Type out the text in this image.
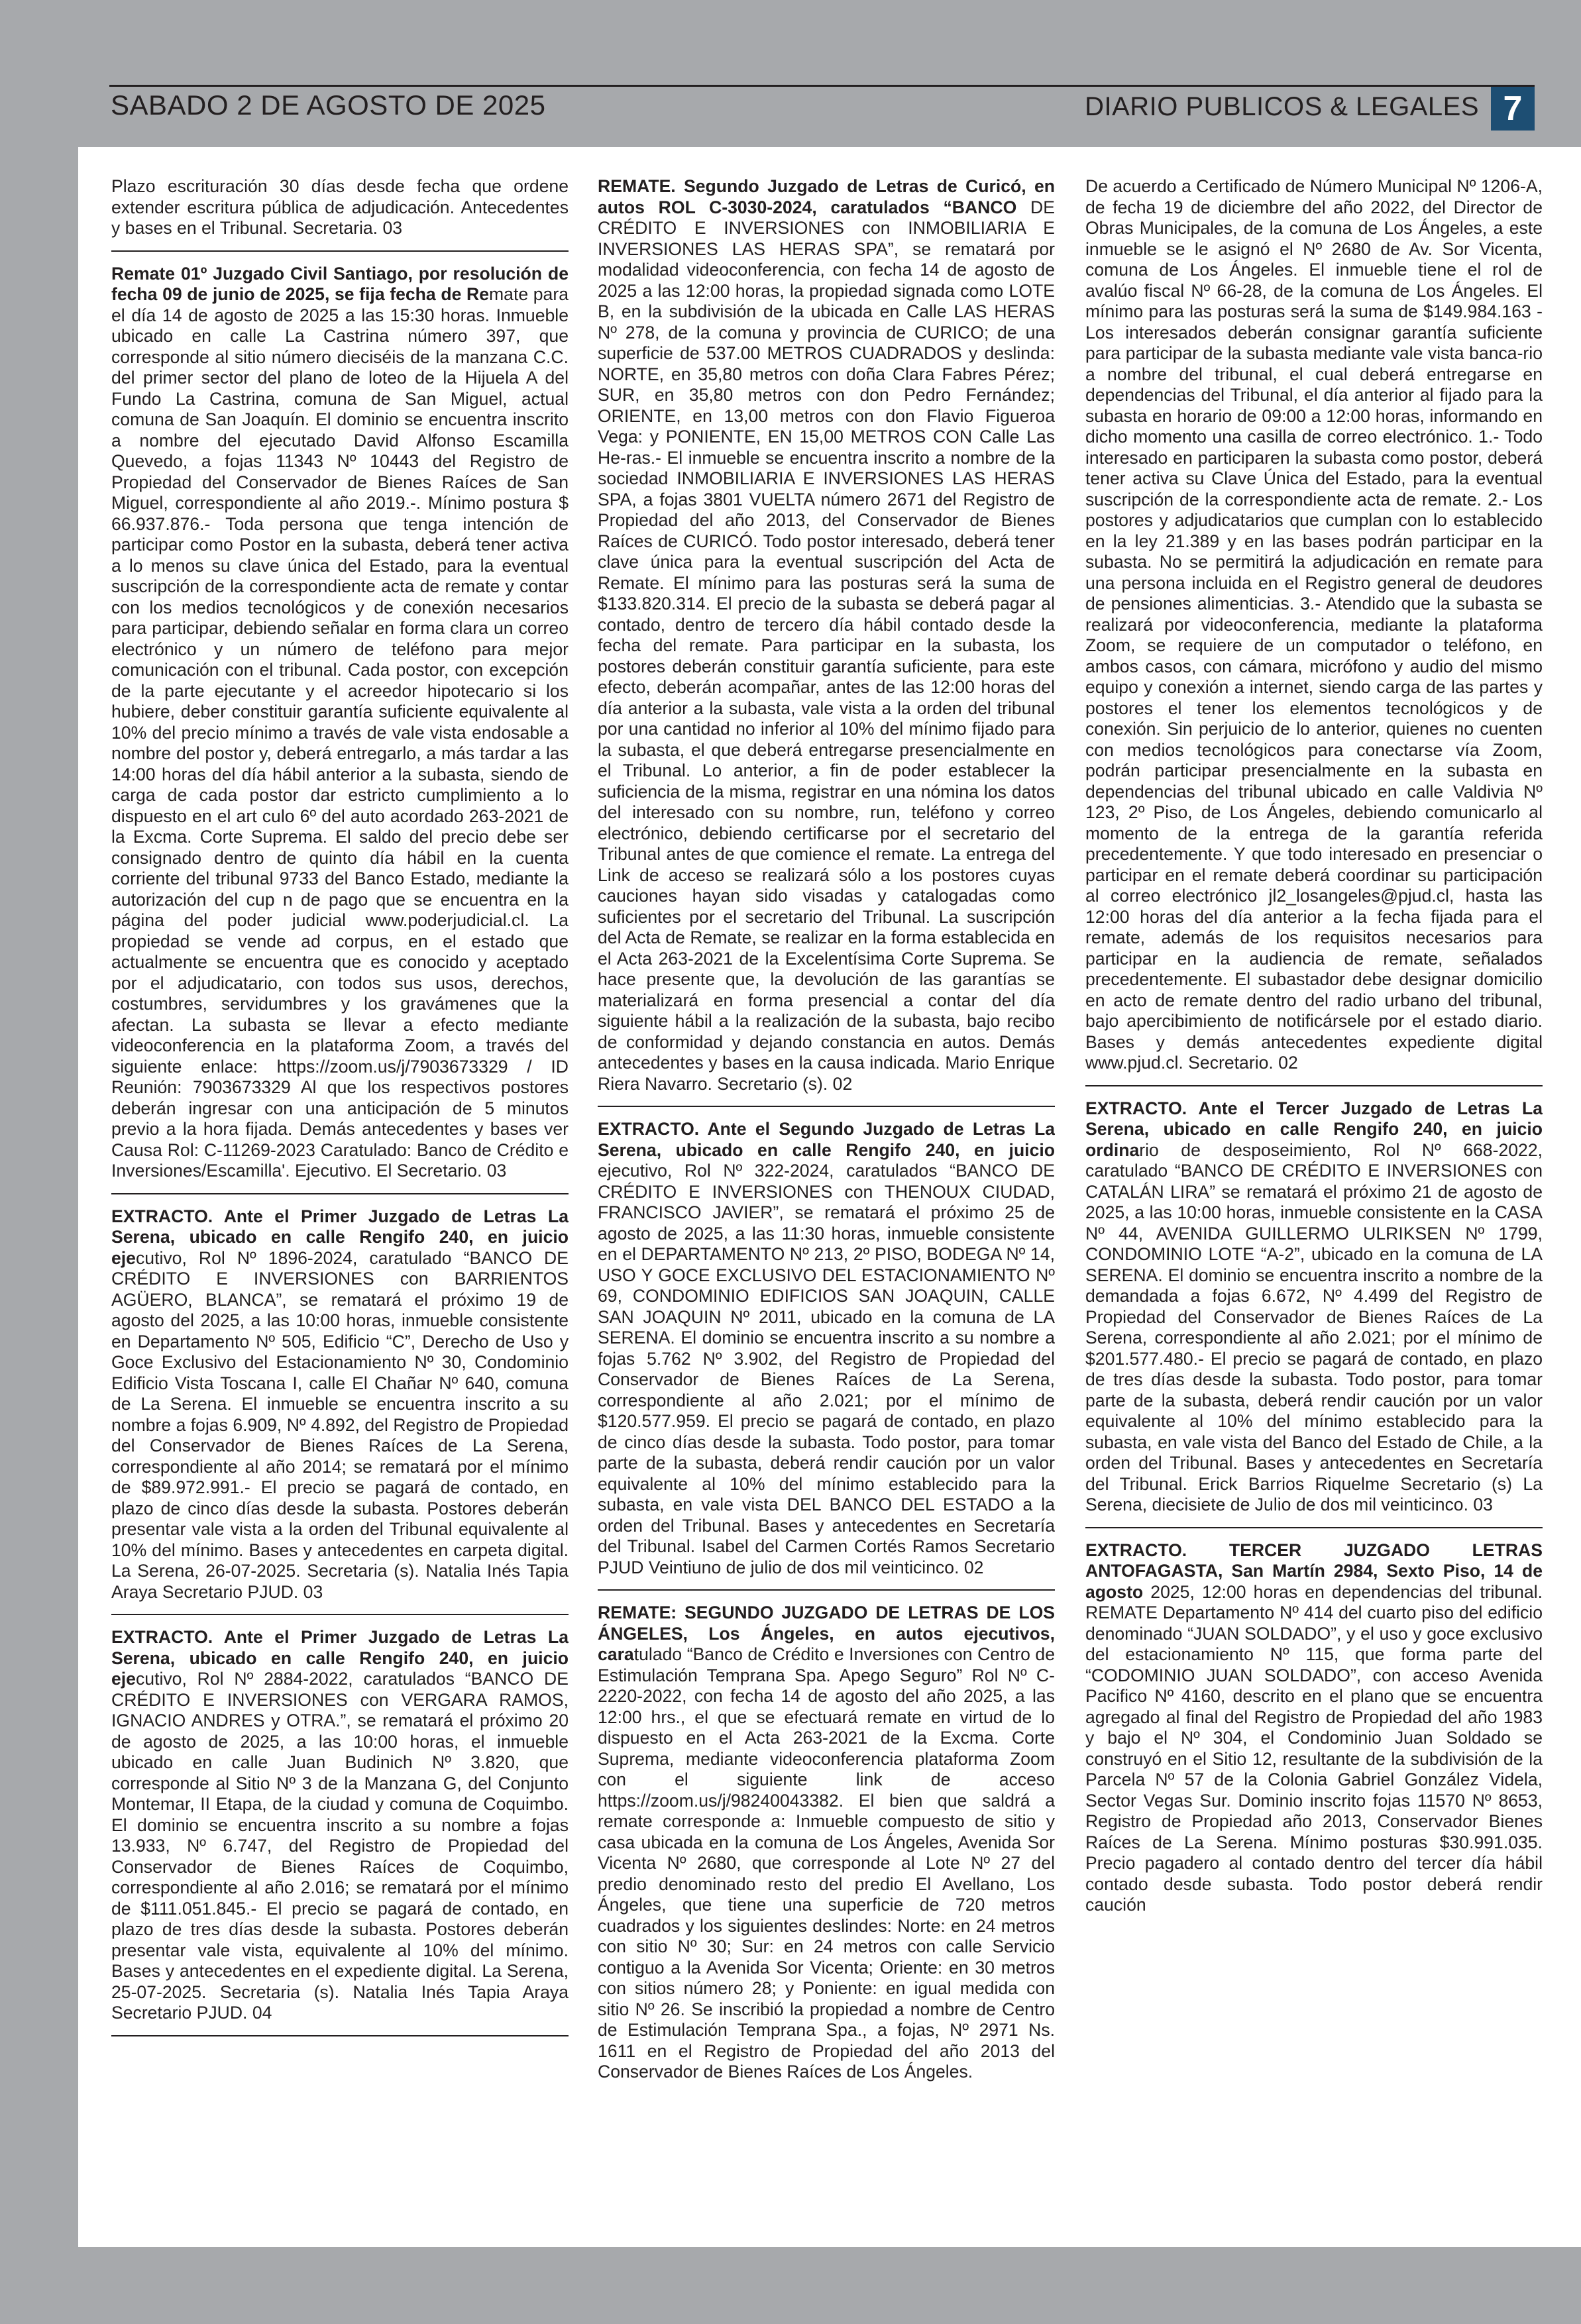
SABADO 2 DE AGOSTO DE 2025	DIARIO PUBLICOS & LEGALES 7

Plazo escrituración 30 días desde fecha que ordene extender escritura pública de adjudicación. Antecedentes y bases en el Tribunal. Secretaria. 03

Remate 01º Juzgado Civil Santiago, por resolución de fecha 09 de junio de 2025, se fija fecha de Remate para el día 14 de agosto de 2025 a las 15:30 horas. Inmueble ubicado en calle La Castrina número 397, que corresponde al sitio número dieciséis de la manzana C.C. del primer sector del plano de loteo de la Hijuela A del Fundo La Castrina, comuna de San Miguel, actual comuna de San Joaquín. El dominio se encuentra inscrito a nombre del ejecutado David Alfonso Escamilla Quevedo, a fojas 11343 Nº 10443 del Registro de Propiedad del Conservador de Bienes Raíces de San Miguel, correspondiente al año 2019.-. Mínimo postura $ 66.937.876.- Toda persona que tenga intención de participar como Postor en la subasta, deberá tener activa a lo menos su clave única del Estado, para la eventual suscripción de la correspondiente acta de remate y contar con los medios tecnológicos y de conexión necesarios para participar, debiendo señalar en forma clara un correo electrónico y un número de teléfono para mejor comunicación con el tribunal. Cada postor, con excepción de la parte ejecutante y el acreedor hipotecario si los hubiere, deber constituir garantía suficiente equivalente al 10% del precio mínimo a través de vale vista endosable a nombre del postor y, deberá entregarlo, a más tardar a las 14:00 horas del día hábil anterior a la subasta, siendo de carga de cada postor dar estricto cumplimiento a lo dispuesto en el art culo 6º del auto acordado 263-2021 de la Excma. Corte Suprema. El saldo del precio debe ser consignado dentro de quinto día hábil en la cuenta corriente del tribunal 9733 del Banco Estado, mediante la autorización del cup n de pago que se encuentra en la página del poder judicial www.poderjudicial.cl. La propiedad se vende ad corpus, en el estado que actualmente se encuentra que es conocido y aceptado por el adjudicatario, con todos sus usos, derechos, costumbres, servidumbres y los gravámenes que la afectan. La subasta se llevar a efecto mediante videoconferencia en la plataforma Zoom, a través del siguiente enlace: https://zoom.us/j/7903673329 / ID Reunión: 7903673329 Al que los respectivos postores deberán ingresar con una anticipación de 5 minutos previo a la hora fijada. Demás antecedentes y bases ver Causa Rol: C-11269-2023 Caratulado: Banco de Crédito e Inversiones/Escamilla'. Ejecutivo. El Secretario. 03

EXTRACTO. Ante el Primer Juzgado de Letras La Serena, ubicado en calle Rengifo 240, en juicio ejecutivo, Rol Nº 1896-2024, caratulado “BANCO DE CRÉDITO E INVERSIONES con BARRIENTOS AGÜERO, BLANCA”, se rematará el próximo 19 de agosto del 2025, a las 10:00 horas, inmueble consistente en Departamento Nº 505, Edificio “C”, Derecho de Uso y Goce Exclusivo del Estacionamiento Nº 30, Condominio Edificio Vista Toscana I, calle El Chañar Nº 640, comuna de La Serena. El inmueble se encuentra inscrito a su nombre a fojas 6.909, Nº 4.892, del Registro de Propiedad del Conservador de Bienes Raíces de La Serena, correspondiente al año 2014; se rematará por el mínimo de $89.972.991.- El precio se pagará de contado, en plazo de cinco días desde la subasta. Postores deberán presentar vale vista a la orden del Tribunal equivalente al 10% del mínimo. Bases y antecedentes en carpeta digital. La Serena, 26-07-2025. Secretaria (s). Natalia Inés Tapia Araya Secretario PJUD. 03

EXTRACTO. Ante el Primer Juzgado de Letras La Serena, ubicado en calle Rengifo 240, en juicio ejecutivo, Rol Nº 2884-2022, caratulados “BANCO DE CRÉDITO E INVERSIONES con VERGARA RAMOS, IGNACIO ANDRES y OTRA.”, se rematará el próximo 20 de agosto de 2025, a las 10:00 horas, el inmueble ubicado en calle Juan Budinich Nº 3.820, que corresponde al Sitio Nº 3 de la Manzana G, del Conjunto Montemar, II Etapa, de la ciudad y comuna de Coquimbo. El dominio se encuentra inscrito a su nombre a fojas 13.933, Nº 6.747, del Registro de Propiedad del Conservador de Bienes Raíces de Coquimbo, correspondiente al año 2.016; se rematará por el mínimo de $111.051.845.- El precio se pagará de contado, en plazo de tres días desde la subasta. Postores deberán presentar vale vista, equivalente al 10% del mínimo. Bases y antecedentes en el expediente digital. La Serena, 25-07-2025. Secretaria (s). Natalia Inés Tapia Araya Secretario PJUD. 04

REMATE. Segundo Juzgado de Letras de Curicó, en autos ROL C-3030-2024, caratulados “BANCO DE CRÉDITO E INVERSIONES con INMOBILIARIA E INVERSIONES LAS HERAS SPA”, se rematará por modalidad videoconferencia, con fecha 14 de agosto de 2025 a las 12:00 horas, la propiedad signada como LOTE B, en la subdivisión de la ubicada en Calle LAS HERAS Nº 278, de la comuna y provincia de CURICO; de una superficie de 537.00 METROS CUADRADOS y deslinda: NORTE, en 35,80 metros con doña Clara Fabres Pérez; SUR, en 35,80 metros con don Pedro Fernández; ORIENTE, en 13,00 metros con don Flavio Figueroa Vega: y PONIENTE, EN 15,00 METROS CON Calle Las He-ras.- El inmueble se encuentra inscrito a nombre de la sociedad INMOBILIARIA E INVERSIONES LAS HERAS SPA, a fojas 3801 VUELTA número 2671 del Registro de Propiedad del año 2013, del Conservador de Bienes Raíces de CURICÓ. Todo postor interesado, deberá tener clave única para la eventual suscripción del Acta de Remate. El mínimo para las posturas será la suma de $133.820.314. El precio de la subasta se deberá pagar al contado, dentro de tercero día hábil contado desde la fecha del remate. Para participar en la subasta, los postores deberán constituir garantía suficiente, para este efecto, deberán acompañar, antes de las 12:00 horas del día anterior a la subasta, vale vista a la orden del tribunal por una cantidad no inferior al 10% del mínimo fijado para la subasta, el que deberá entregarse presencialmente en el Tribunal. Lo anterior, a fin de poder establecer la suficiencia de la misma, registrar en una nómina los datos del interesado con su nombre, run, teléfono y correo electrónico, debiendo certificarse por el secretario del Tribunal antes de que comience el remate. La entrega del Link de acceso se realizará sólo a los postores cuyas cauciones hayan sido visadas y catalogadas como suficientes por el secretario del Tribunal. La suscripción del Acta de Remate, se realizar en la forma establecida en el Acta 263-2021 de la Excelentísima Corte Suprema. Se hace presente que, la devolución de las garantías se materializará en forma presencial a contar del día siguiente hábil a la realización de la subasta, bajo recibo de conformidad y dejando constancia en autos. Demás antecedentes y bases en la causa indicada. Mario Enrique Riera Navarro. Secretario (s). 02

EXTRACTO. Ante el Segundo Juzgado de Letras La Serena, ubicado en calle Rengifo 240, en juicio ejecutivo, Rol Nº 322-2024, caratulados “BANCO DE CRÉDITO E INVERSIONES con THENOUX CIUDAD, FRANCISCO JAVIER”, se rematará el próximo 25 de agosto de 2025, a las 11:30 horas, inmueble consistente en el DEPARTAMENTO Nº 213, 2º PISO, BODEGA Nº 14, USO Y GOCE EXCLUSIVO DEL ESTACIONAMIENTO Nº 69, CONDOMINIO EDIFICIOS SAN JOAQUIN, CALLE SAN JOAQUIN Nº 2011, ubicado en la comuna de LA SERENA. El dominio se encuentra inscrito a su nombre a fojas 5.762 Nº 3.902, del Registro de Propiedad del Conservador de Bienes Raíces de La Serena, correspondiente al año 2.021; por el mínimo de $120.577.959. El precio se pagará de contado, en plazo de cinco días desde la subasta. Todo postor, para tomar parte de la subasta, deberá rendir caución por un valor equivalente al 10% del mínimo establecido para la subasta, en vale vista DEL BANCO DEL ESTADO a la orden del Tribunal. Bases y antecedentes en Secretaría del Tribunal. Isabel del Carmen Cortés Ramos Secretario PJUD Veintiuno de julio de dos mil veinticinco. 02

REMATE: SEGUNDO JUZGADO DE LETRAS DE LOS ÁNGELES, Los Ángeles, en autos ejecutivos, caratulado “Banco de Crédito e Inversiones con Centro de Estimulación Temprana Spa. Apego Seguro” Rol Nº C-2220-2022, con fecha 14 de agosto del año 2025, a las 12:00 hrs., el que se efectuará remate en virtud de lo dispuesto en el Acta 263-2021 de la Excma. Corte Suprema, mediante videoconferencia plataforma Zoom con el siguiente link de acceso https://zoom.us/j/98240043382. El bien que saldrá a remate corresponde a: Inmueble compuesto de sitio y casa ubicada en la comuna de Los Ángeles, Avenida Sor Vicenta Nº 2680, que corresponde al Lote Nº 27 del predio denominado resto del predio El Avellano, Los Ángeles, que tiene una superficie de 720 metros cuadrados y los siguientes deslindes: Norte: en 24 metros con sitio Nº 30; Sur: en 24 metros con calle Servicio contiguo a la Avenida Sor Vicenta; Oriente: en 30 metros con sitios número 28; y Poniente: en igual medida con sitio Nº 26. Se inscribió la propiedad a nombre de Centro de Estimulación Temprana Spa., a fojas, Nº 2971 Ns. 1611 en el Registro de Propiedad del año 2013 del Conservador de Bienes Raíces de Los Ángeles.

De acuerdo a Certificado de Número Municipal Nº 1206-A, de fecha 19 de diciembre del año 2022, del Director de Obras Municipales, de la comuna de Los Ángeles, a este inmueble se le asignó el Nº 2680 de Av. Sor Vicenta, comuna de Los Ángeles. El inmueble tiene el rol de avalúo fiscal Nº 66-28, de la comuna de Los Ángeles. El mínimo para las posturas será la suma de $149.984.163 - Los interesados deberán consignar garantía suficiente para participar de la subasta mediante vale vista banca-rio a nombre del tribunal, el cual deberá entregarse en dependencias del Tribunal, el día anterior al fijado para la subasta en horario de 09:00 a 12:00 horas, informando en dicho momento una casilla de correo electrónico. 1.- Todo interesado en participaren la subasta como postor, deberá tener activa su Clave Única del Estado, para la eventual suscripción de la correspondiente acta de remate. 2.- Los postores y adjudicatarios que cumplan con lo establecido en la ley 21.389 y en las bases podrán participar en la subasta. No se permitirá la adjudicación en remate para una persona incluida en el Registro general de deudores de pensiones alimenticias. 3.- Atendido que la subasta se realizará por videoconferencia, mediante la plataforma Zoom, se requiere de un computador o teléfono, en ambos casos, con cámara, micrófono y audio del mismo equipo y conexión a internet, siendo carga de las partes y postores el tener los elementos tecnológicos y de conexión. Sin perjuicio de lo anterior, quienes no cuenten con medios tecnológicos para conectarse vía Zoom, podrán participar presencialmente en la subasta en dependencias del tribunal ubicado en calle Valdivia Nº 123, 2º Piso, de Los Ángeles, debiendo comunicarlo al momento de la entrega de la garantía referida precedentemente. Y que todo interesado en presenciar o participar en el remate deberá coordinar su participación al correo electrónico jl2_losangeles@pjud.cl, hasta las 12:00 horas del día anterior a la fecha fijada para el remate, además de los requisitos necesarios para participar en la audiencia de remate, señalados precedentemente. El subastador debe designar domicilio en acto de remate dentro del radio urbano del tribunal, bajo apercibimiento de notificársele por el estado diario. Bases y demás antecedentes expediente digital www.pjud.cl. Secretario. 02

EXTRACTO. Ante el Tercer Juzgado de Letras La Serena, ubicado en calle Rengifo 240, en juicio ordinario de desposeimiento, Rol Nº 668-2022, caratulado “BANCO DE CRÉDITO E INVERSIONES con CATALÁN LIRA” se rematará el próximo 21 de agosto de 2025, a las 10:00 horas, inmueble consistente en la CASA Nº 44, AVENIDA GUILLERMO ULRIKSEN Nº 1799, CONDOMINIO LOTE “A-2”, ubicado en la comuna de LA SERENA. El dominio se encuentra inscrito a nombre de la demandada a fojas 6.672, Nº 4.499 del Registro de Propiedad del Conservador de Bienes Raíces de La Serena, correspondiente al año 2.021; por el mínimo de $201.577.480.- El precio se pagará de contado, en plazo de tres días desde la subasta. Todo postor, para tomar parte de la subasta, deberá rendir caución por un valor equivalente al 10% del mínimo establecido para la subasta, en vale vista del Banco del Estado de Chile, a la orden del Tribunal. Bases y antecedentes en Secretaría del Tribunal. Erick Barrios Riquelme Secretario (s) La Serena, diecisiete de Julio de dos mil veinticinco. 03

EXTRACTO. TERCER JUZGADO LETRAS ANTOFAGASTA, San Martín 2984, Sexto Piso, 14 de agosto 2025, 12:00 horas en dependencias del tribunal. REMATE Departamento Nº 414 del cuarto piso del edificio denominado “JUAN SOLDADO”, y el uso y goce exclusivo del estacionamiento Nº 115, que forma parte del “CODOMINIO JUAN SOLDADO”, con acceso Avenida Pacifico Nº 4160, descrito en el plano que se encuentra agregado al final del Registro de Propiedad del año 1983 y bajo el Nº 304, el Condominio Juan Soldado se construyó en el Sitio 12, resultante de la subdivisión de la Parcela Nº 57 de la Colonia Gabriel González Videla, Sector Vegas Sur. Dominio inscrito fojas 11570 Nº 8653, Registro de Propiedad año 2013, Conservador Bienes Raíces de La Serena. Mínimo posturas $30.991.035. Precio pagadero al contado dentro del tercer día hábil contado desde subasta. Todo postor deberá rendir caución
